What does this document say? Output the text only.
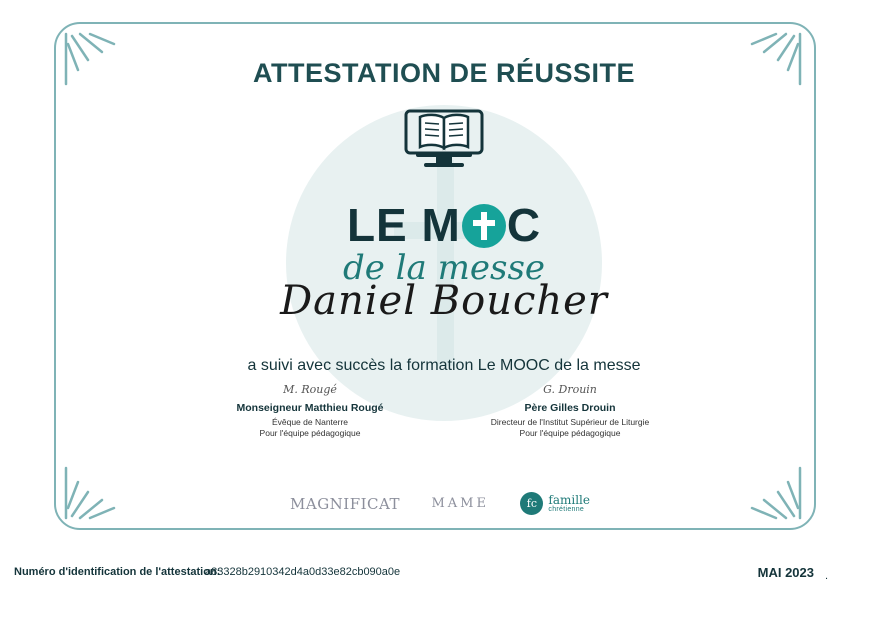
ATTESTATION DE RÉUSSITE
LE M C
de la messe
Daniel Boucher
a suivi avec succès la formation Le MOOC de la messe
M. Rougé
Monseigneur Matthieu Rougé
Évêque de Nanterre
Pour l'équipe pédagogique
G. Drouin
Père Gilles Drouin
Directeur de l'Institut Supérieur de Liturgie
Pour l'équipe pédagogique
MAGNIFICAT MAME	fc famille
chrétienne
Numéro d'identification de l'attestation:
a83328b2910342d4a0d33e82cb090a0e	MAI 2023 .
